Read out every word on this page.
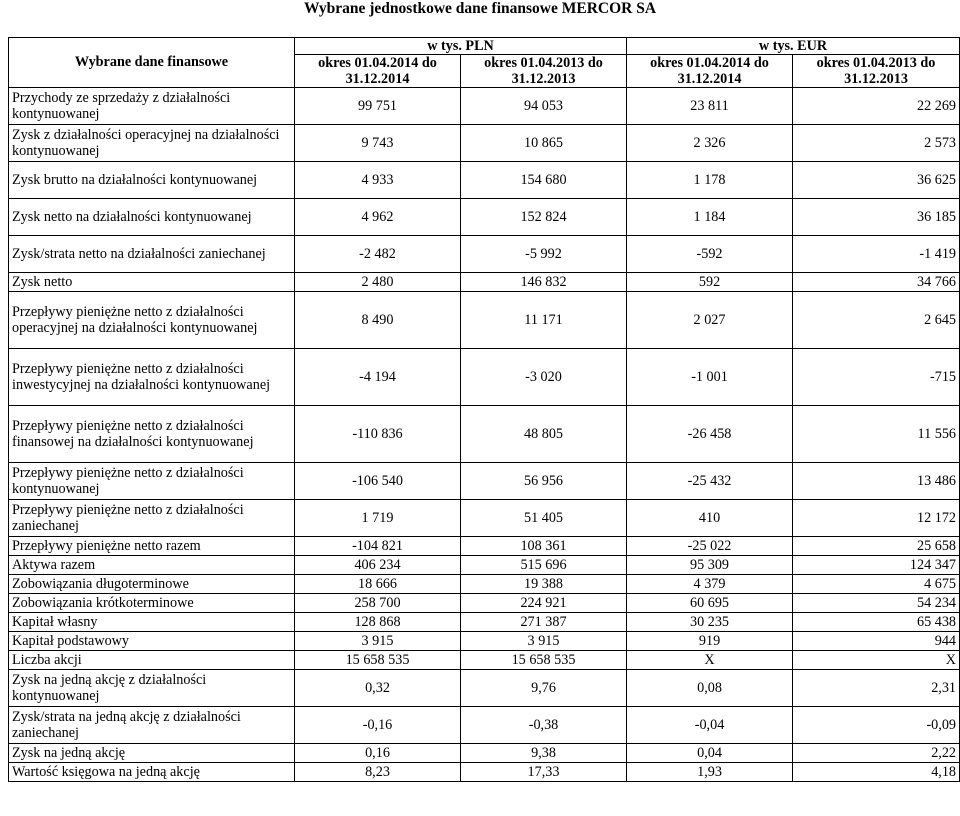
Wybrane jednostkowe dane finansowe MERCOR SA
Wybrane dane finansowe	w tys. PLN		w tys. EUR	
	okres 01.04.2014 do 31.12.2014	okres 01.04.2013 do 31.12.2013	okres 01.04.2014 do 31.12.2014	okres 01.04.2013 do 31.12.2013
Przychody ze sprzedaży z działalności kontynuowanej	99 751	94 053	23 811	22 269
Zysk z działalności operacyjnej na działalności kontynuowanej	9 743	10 865	2 326	2 573
Zysk brutto na działalności kontynuowanej	4 933	154 680	1 178	36 625
Zysk netto na działalności kontynuowanej	4 962	152 824	1 184	36 185
Zysk/strata netto na działalności zaniechanej	-2 482	-5 992	-592	-1 419
Zysk netto	2 480	146 832	592	34 766
Przepływy pieniężne netto z działalności operacyjnej na działalności kontynuowanej	8 490	11 171	2 027	2 645
Przepływy pieniężne netto z działalności inwestycyjnej na działalności kontynuowanej	-4 194	-3 020	-1 001	-715
Przepływy pieniężne netto z działalności finansowej na działalności kontynuowanej	-110 836	48 805	-26 458	11 556
Przepływy pieniężne netto z działalności kontynuowanej	-106 540	56 956	-25 432	13 486
Przepływy pieniężne netto z działalności zaniechanej	1 719	51 405	410	12 172
Przepływy pieniężne netto razem	-104 821	108 361	-25 022	25 658
Aktywa razem	406 234	515 696	95 309	124 347
Zobowiązania długoterminowe	18 666	19 388	4 379	4 675
Zobowiązania krótkoterminowe	258 700	224 921	60 695	54 234
Kapitał własny	128 868	271 387	30 235	65 438
Kapitał podstawowy	3 915	3 915	919	944
Liczba akcji	15 658 535	15 658 535	X	X
Zysk na jedną akcję z działalności kontynuowanej	0,32	9,76	0,08	2,31
Zysk/strata na jedną akcję z działalności zaniechanej	-0,16	-0,38	-0,04	-0,09
Zysk na jedną akcję	0,16	9,38	0,04	2,22
Wartość księgowa na jedną akcję	8,23	17,33	1,93	4,18
